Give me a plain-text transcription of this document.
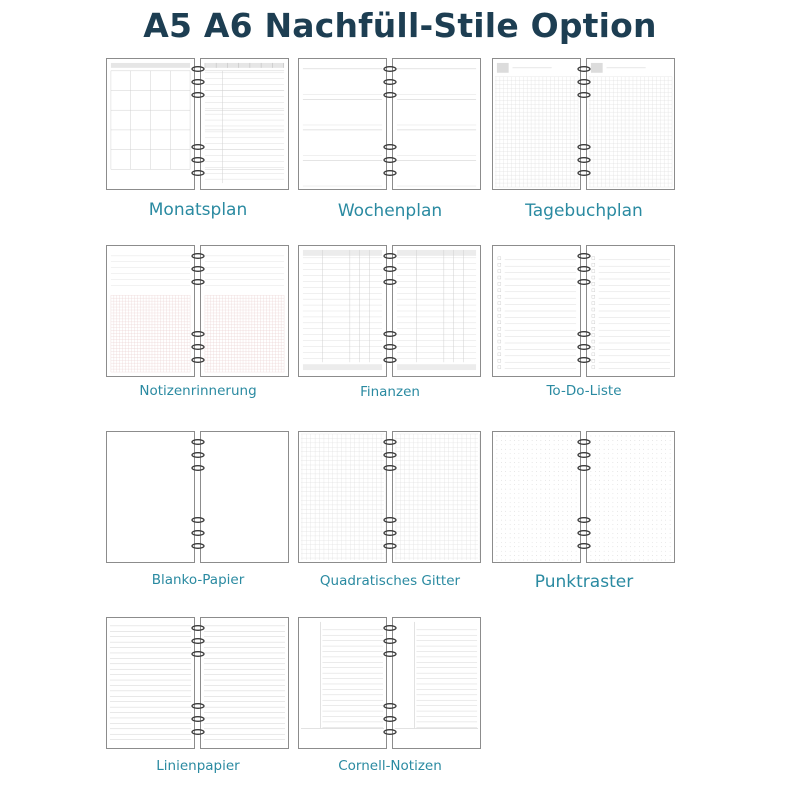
A5 A6 Nachfüll-Stile Option
Monatsplan	Wochenplan	Tagebuchplan
Notizenrinnerung	Finanzen	To-Do-Liste
Blanko-Papier	Quadratisches Gitter	Punktraster
Linienpapier	Cornell-Notizen
